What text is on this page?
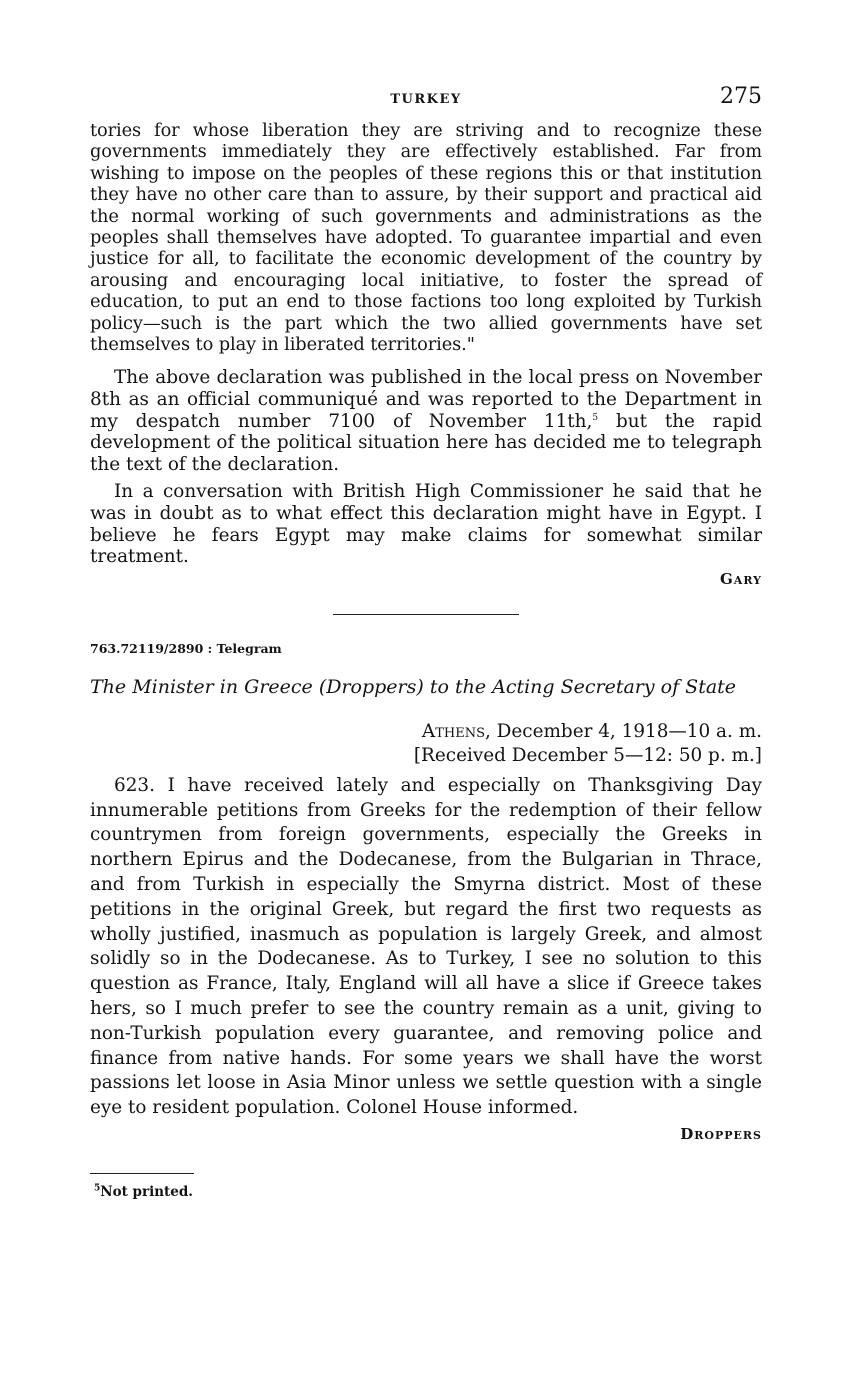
TURKEY	275

tories for whose liberation they are striving and to recognize these governments immediately they are effectively established. Far from wishing to impose on the peoples of these regions this or that institution they have no other care than to assure, by their support and practical aid the normal working of such governments and administrations as the peoples shall themselves have adopted. To guarantee impartial and even justice for all, to facilitate the economic development of the country by arousing and encouraging local initiative, to foster the spread of education, to put an end to those factions too long exploited by Turkish policy—such is the part which the two allied governments have set themselves to play in liberated territories."

The above declaration was published in the local press on November 8th as an official communiqué and was reported to the Department in my despatch number 7100 of November 11th,$^5$ but the rapid development of the political situation here has decided me to telegraph the text of the declaration.

In a conversation with British High Commissioner he said that he was in doubt as to what effect this declaration might have in Egypt. I believe he fears Egypt may make claims for somewhat similar treatment.

Gary
763.72119/2890 : Telegram
The Minister in Greece (Droppers) to the Acting Secretary of State
Athens, December 4, 1918—10 a. m.
[Received December 5—12: 50 p. m.]

623. I have received lately and especially on Thanksgiving Day innumerable petitions from Greeks for the redemption of their fellow countrymen from foreign governments, especially the Greeks in northern Epirus and the Dodecanese, from the Bulgarian in Thrace, and from Turkish in especially the Smyrna district. Most of these petitions in the original Greek, but regard the first two requests as wholly justified, inasmuch as population is largely Greek, and almost solidly so in the Dodecanese. As to Turkey, I see no solution to this question as France, Italy, England will all have a slice if Greece takes hers, so I much prefer to see the country remain as a unit, giving to non-Turkish population every guarantee, and removing police and finance from native hands. For some years we shall have the worst passions let loose in Asia Minor unless we settle question with a single eye to resident population. Colonel House informed.

Droppers
$^5$Not printed.
